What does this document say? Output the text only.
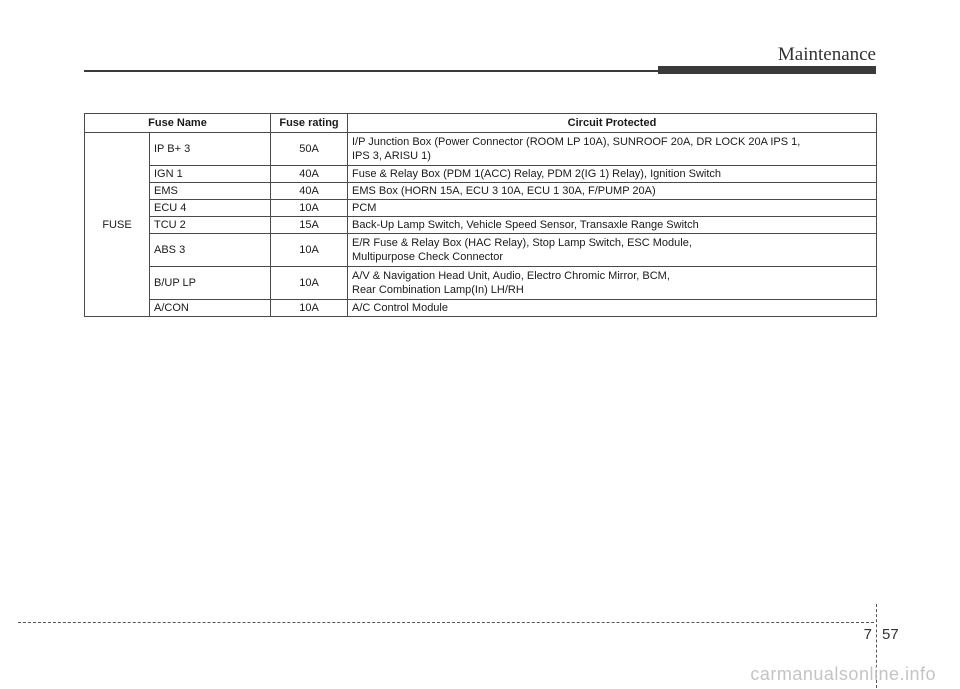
Maintenance
Fuse Name		Fuse rating	Circuit Protected
FUSE	IP B+ 3	50A	I/P Junction Box (Power Connector (ROOM LP 10A), SUNROOF 20A, DR LOCK 20A IPS 1,
IPS 3, ARISU 1)

	IGN 1	40A	Fuse & Relay Box (PDM 1(ACC) Relay, PDM 2(IG 1) Relay), Ignition Switch

	EMS	40A	EMS Box (HORN 15A, ECU 3 10A, ECU 1 30A, F/PUMP 20A)

	ECU 4	10A	PCM

	TCU 2	15A	Back-Up Lamp Switch, Vehicle Speed Sensor, Transaxle Range Switch

	ABS 3	10A	E/R Fuse & Relay Box (HAC Relay), Stop Lamp Switch, ESC Module,
Multipurpose Check Connector

	B/UP LP	10A	A/V & Navigation Head Unit, Audio, Electro Chromic Mirror, BCM,
Rear Combination Lamp(In) LH/RH

	A/CON	10A	A/C Control Module
7 57
carmanualsonline.info
